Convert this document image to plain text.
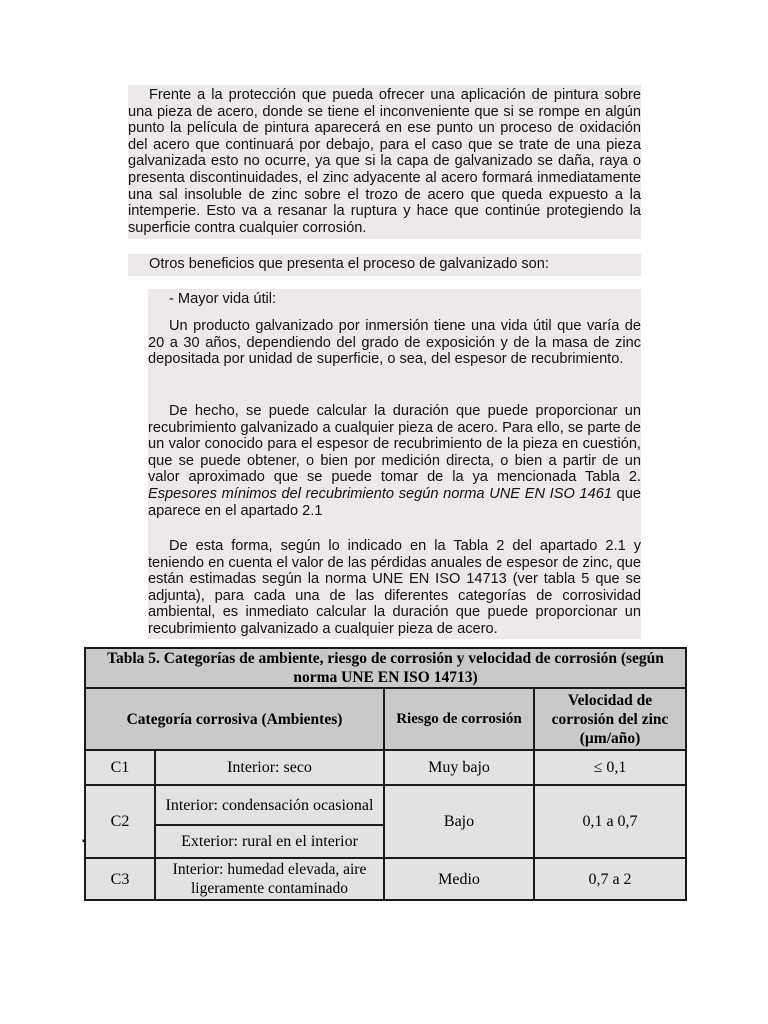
Frente a la protección que pueda ofrecer una aplicación de pintura sobre una pieza de acero, donde se tiene el inconveniente que si se rompe en algún punto la película de pintura aparecerá en ese punto un proceso de oxidación del acero que continuará por debajo, para el caso que se trate de una pieza galvanizada esto no ocurre, ya que si la capa de galvanizado se daña, raya o presenta discontinuidades, el zinc adyacente al acero formará inmediatamente una sal insoluble de zinc sobre el trozo de acero que queda expuesto a la intemperie. Esto va a resanar la ruptura y hace que continúe protegiendo la superficie contra cualquier corrosión.

Otros beneficios que presenta el proceso de galvanizado son:

- Mayor vida útil:

Un producto galvanizado por inmersión tiene una vida útil que varía de 20 a 30 años, dependiendo del grado de exposición y de la masa de zinc depositada por unidad de superficie, o sea, del espesor de recubrimiento.

De hecho, se puede calcular la duración que puede proporcionar un recubrimiento galvanizado a cualquier pieza de acero. Para ello, se parte de un valor conocido para el espesor de recubrimiento de la pieza en cuestión, que se puede obtener, o bien por medición directa, o bien a partir de un valor aproximado que se puede tomar de la ya mencionada Tabla 2. Espesores mínimos del recubrimiento según norma UNE EN ISO 1461 que aparece en el apartado 2.1

De esta forma, según lo indicado en la Tabla 2 del apartado 2.1 y teniendo en cuenta el valor de las pérdidas anuales de espesor de zinc, que están estimadas según la norma UNE EN ISO 14713 (ver tabla 5 que se adjunta), para cada una de las diferentes categorías de corrosividad ambiental, es inmediato calcular la duración que puede proporcionar un recubrimiento galvanizado a cualquier pieza de acero.

Tabla 5. Categorías de ambiente, riesgo de corrosión y velocidad de corrosión (según norma UNE EN ISO 14713)			
Categoría corrosiva (Ambientes)		Riesgo de corrosión	Velocidad de corrosión del zinc (µm/año)
C1	Interior: seco	Muy bajo	≤ 0,1
C2	Interior: condensación ocasional	Bajo	0,1 a 0,7
	Exterior: rural en el interior		
C3	Interior: humedad elevada, aire ligeramente contaminado	Medio	0,7 a 2
▪
